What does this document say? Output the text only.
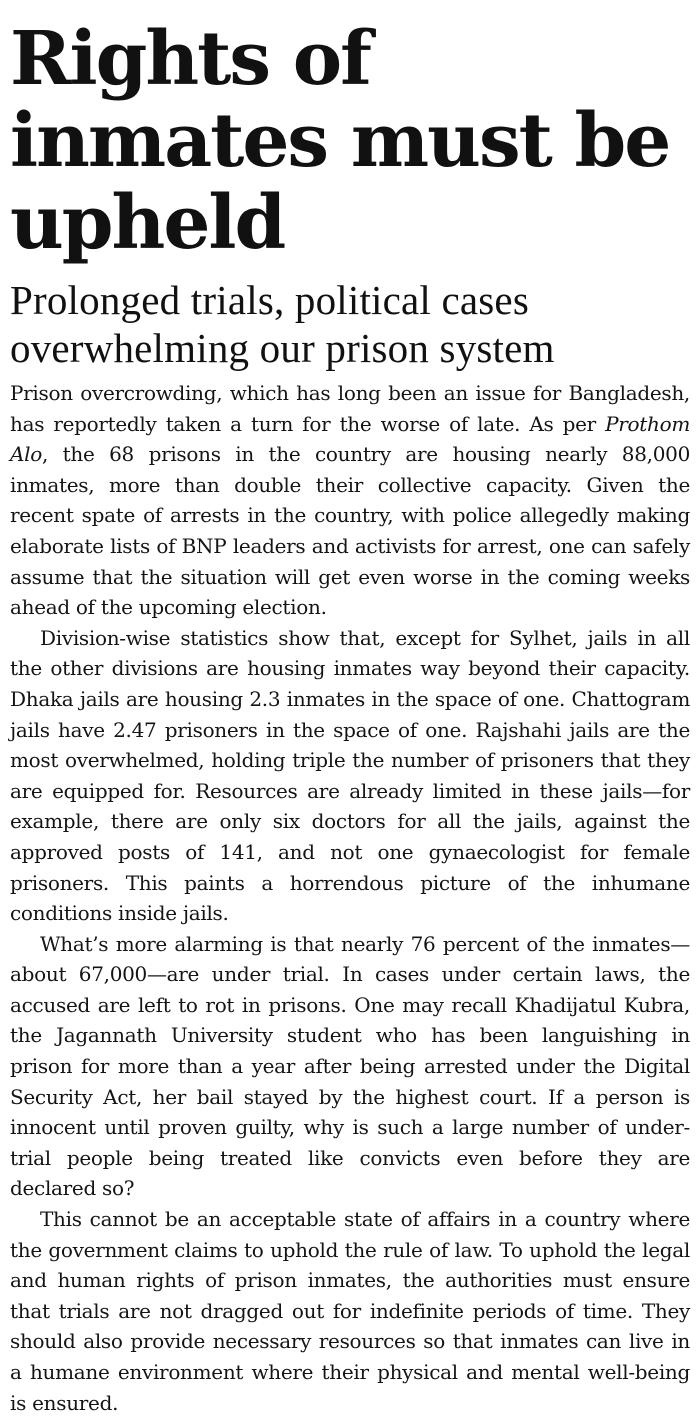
Rights of inmates must be upheld
Prolonged trials, political cases overwhelming our prison system

Prison overcrowding, which has long been an issue for Bangladesh, has reportedly taken a turn for the worse of late. As per Prothom Alo, the 68 prisons in the country are housing nearly 88,000 inmates, more than double their collective capacity. Given the recent spate of arrests in the country, with police allegedly making elaborate lists of BNP leaders and activists for arrest, one can safely assume that the situation will get even worse in the coming weeks ahead of the upcoming election.

Division-wise statistics show that, except for Sylhet, jails in all the other divisions are housing inmates way beyond their capacity. Dhaka jails are housing 2.3 inmates in the space of one. Chattogram jails have 2.47 prisoners in the space of one. Rajshahi jails are the most overwhelmed, holding triple the number of prisoners that they are equipped for. Resources are already limited in these jails—for example, there are only six doctors for all the jails, against the approved posts of 141, and not one gynaecologist for female prisoners. This paints a horrendous picture of the inhumane conditions inside jails.

What’s more alarming is that nearly 76 percent of the inmates—about 67,000—are under trial. In cases under certain laws, the accused are left to rot in prisons. One may recall Khadijatul Kubra, the Jagannath University student who has been languishing in prison for more than a year after being arrested under the Digital Security Act, her bail stayed by the highest court. If a person is innocent until proven guilty, why is such a large number of under-trial people being treated like convicts even before they are declared so?

This cannot be an acceptable state of affairs in a country where the government claims to uphold the rule of law. To uphold the legal and human rights of prison inmates, the authorities must ensure that trials are not dragged out for indefinite periods of time. They should also provide necessary resources so that inmates can live in a humane environment where their physical and mental well-being is ensured.
